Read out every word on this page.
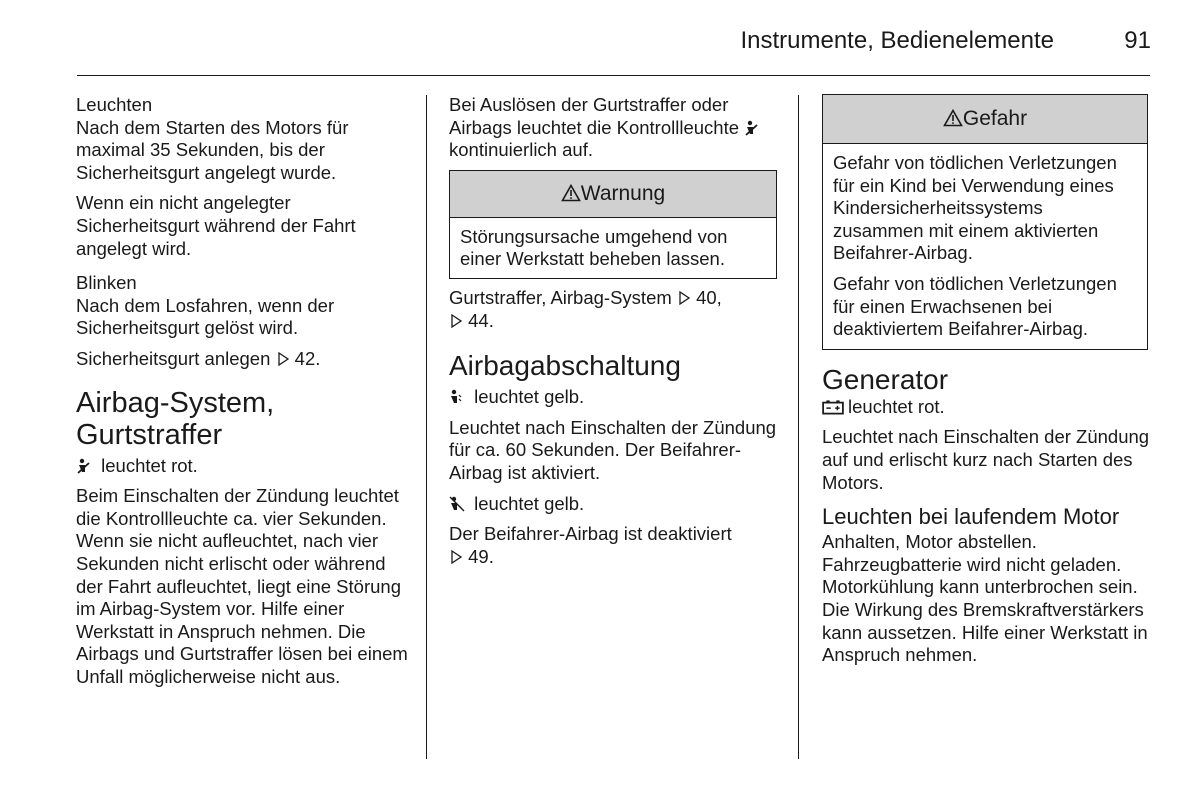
Instrumente, Bedienelemente	91
Leuchten

Nach dem Starten des Motors für maximal 35 Sekunden, bis der Sicherheitsgurt angelegt wurde.

Wenn ein nicht angelegter Sicherheitsgurt während der Fahrt angelegt wird.

Blinken

Nach dem Losfahren, wenn der Sicherheitsgurt gelöst wird.

Sicherheitsgurt anlegen 42.

Airbag-System,
Gurtstraffer

leuchtet rot.

Beim Einschalten der Zündung leuchtet die Kontrollleuchte ca. vier Sekunden. Wenn sie nicht aufleuchtet, nach vier Sekunden nicht erlischt oder während der Fahrt aufleuchtet, liegt eine Störung im Airbag-System vor. Hilfe einer Werkstatt in Anspruch nehmen. Die Airbags und Gurtstraffer lösen bei einem Unfall möglicherweise nicht aus.

Bei Auslösen der Gurtstraffer oder Airbags leuchtet die Kontrollleuchte kontinuierlich auf.

Warnung
Störungsursache umgehend von einer Werkstatt beheben lassen.

Gurtstraffer, Airbag-System 40,
44.

Airbagabschaltung

leuchtet gelb.

Leuchtet nach Einschalten der Zündung für ca. 60 Sekunden. Der Beifahrer-Airbag ist aktiviert.

leuchtet gelb.

Der Beifahrer-Airbag ist deaktiviert
49.

Gefahr

Gefahr von tödlichen Verletzungen für ein Kind bei Verwendung eines Kindersicherheitssystems zusammen mit einem aktivierten Beifahrer-Airbag.

Gefahr von tödlichen Verletzungen für einen Erwachsenen bei deaktiviertem Beifahrer-Airbag.

Generator

leuchtet rot.

Leuchtet nach Einschalten der Zündung auf und erlischt kurz nach Starten des Motors.

Leuchten bei laufendem Motor

Anhalten, Motor abstellen. Fahrzeugbatterie wird nicht geladen. Motorkühlung kann unterbrochen sein. Die Wirkung des Bremskraftverstärkers kann aussetzen. Hilfe einer Werkstatt in Anspruch nehmen.
